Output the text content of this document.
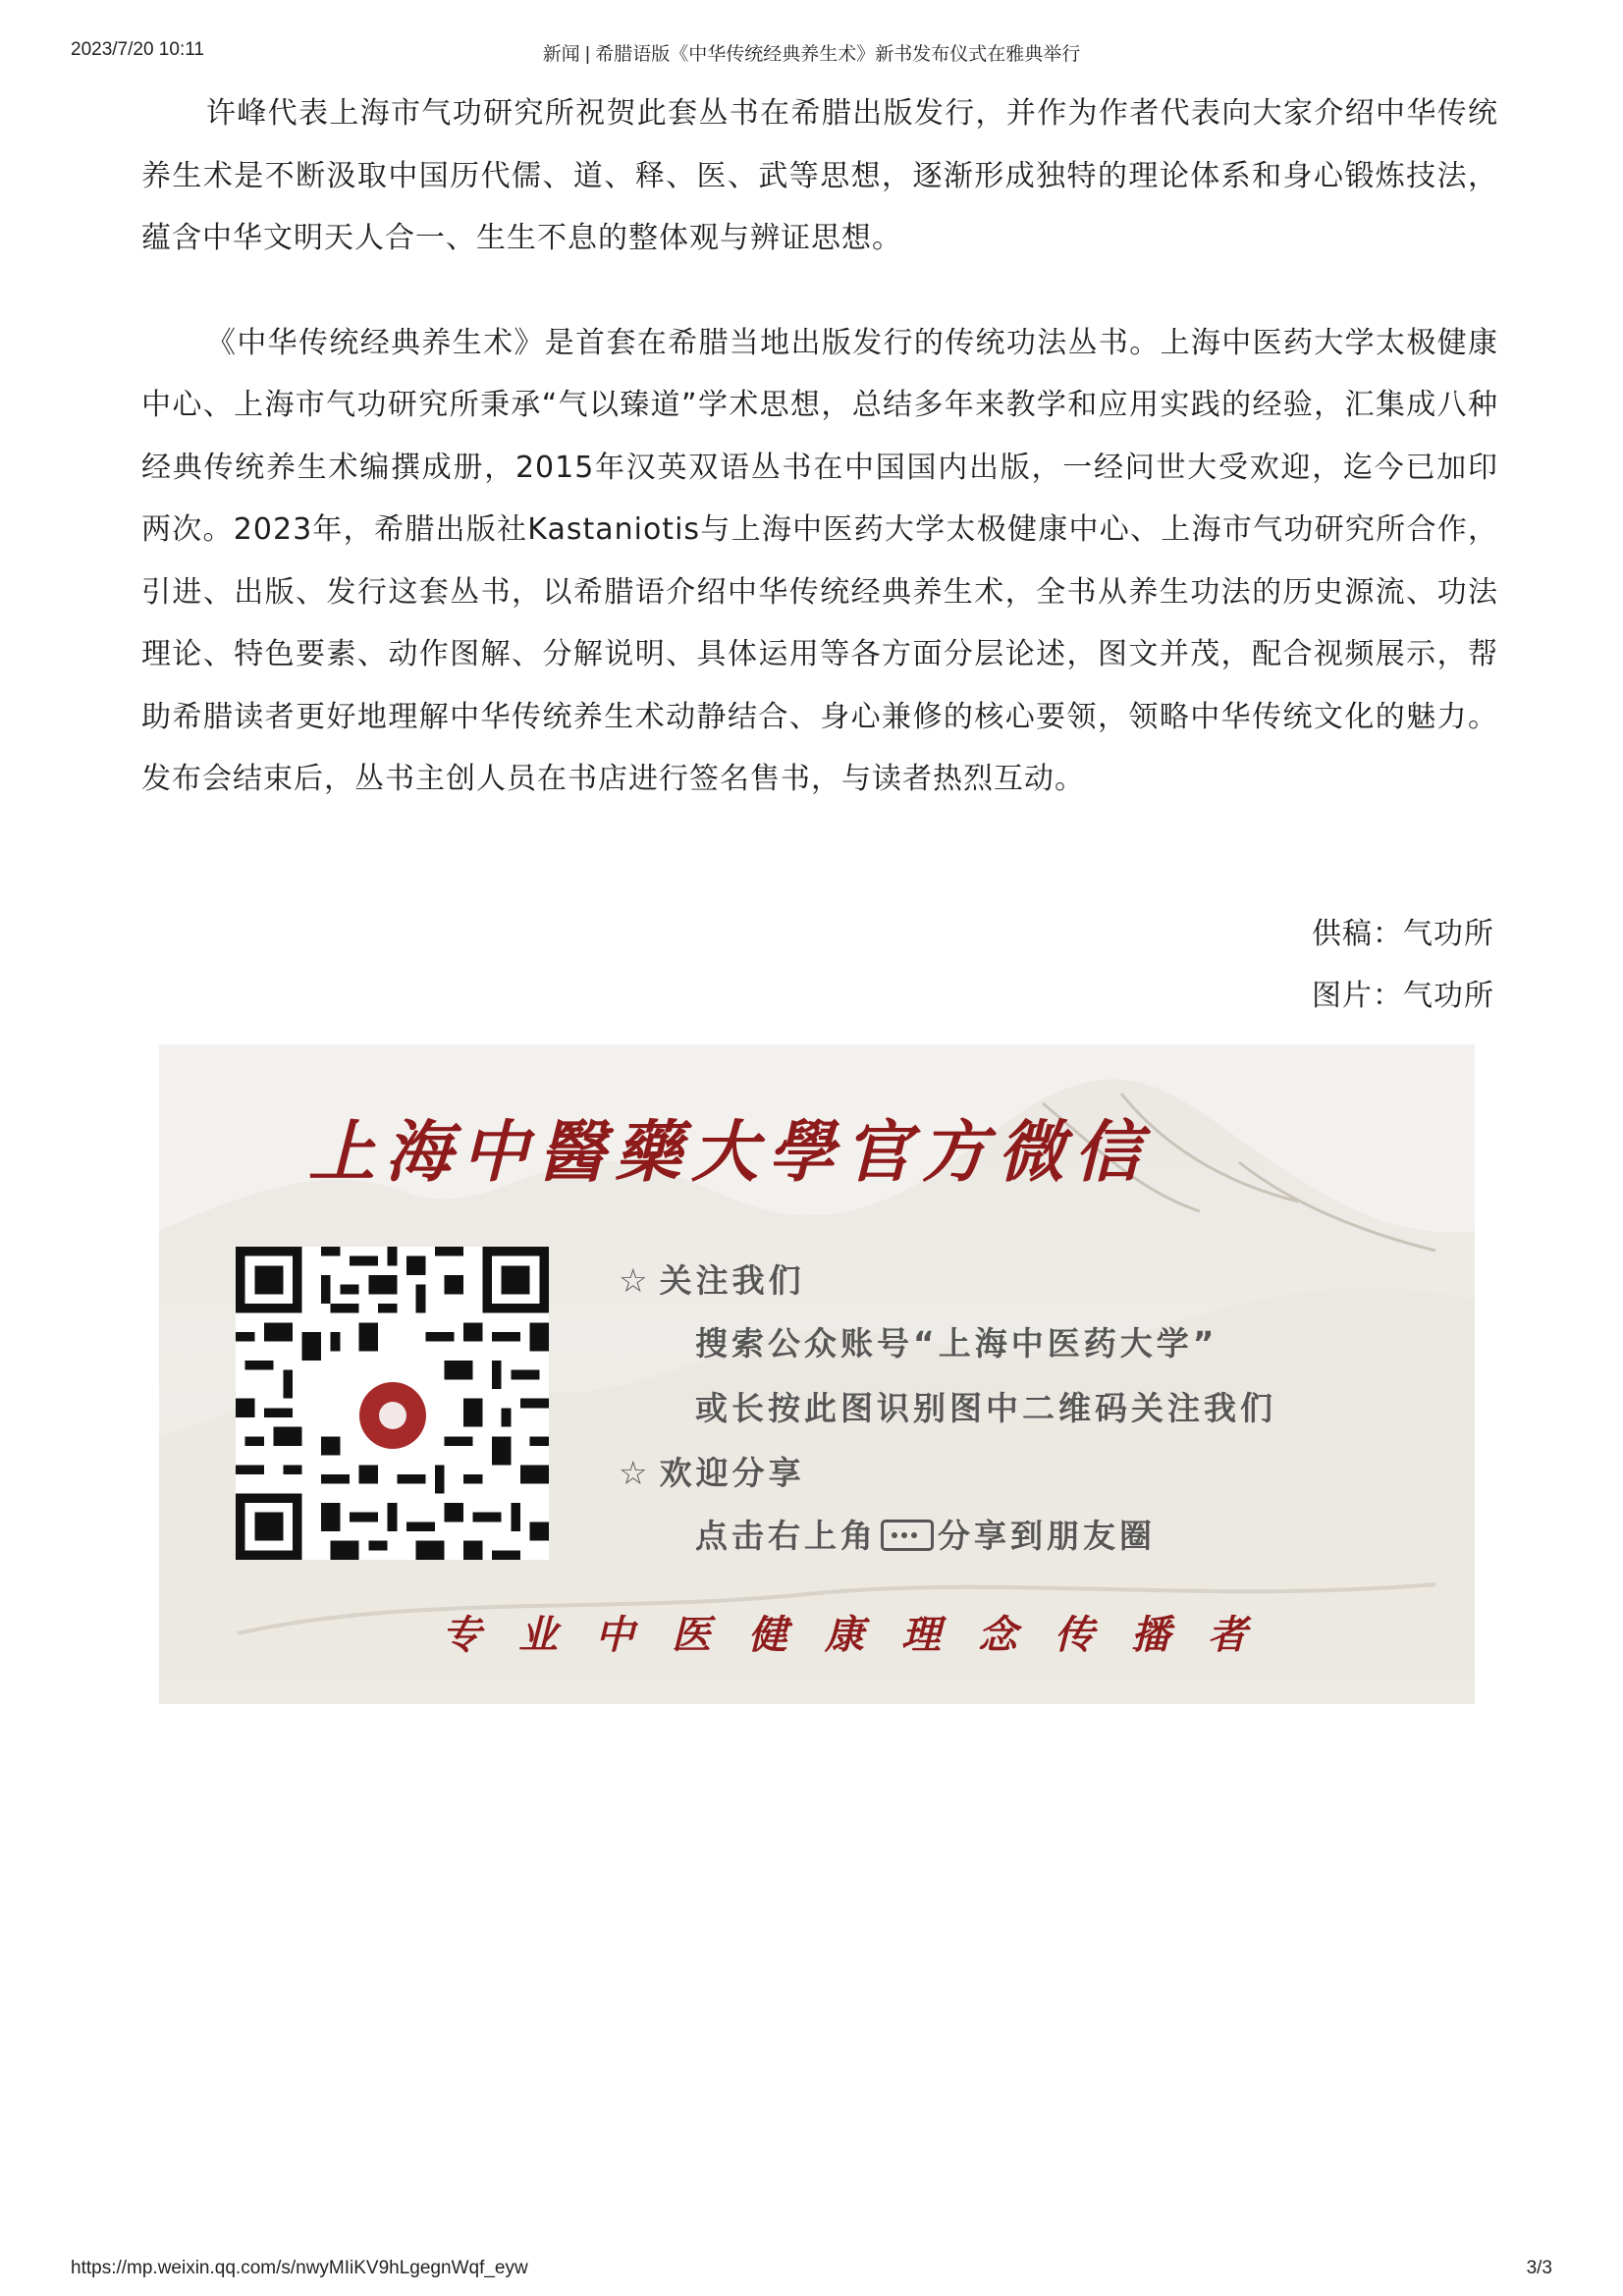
2023/7/20 10:11	新闻 | 希腊语版《中华传统经典养生术》新书发布仪式在雅典举行

许峰代表上海市气功研究所祝贺此套丛书在希腊出版发行，并作为作者代表向大家介绍中华传统养生术是不断汲取中国历代儒、道、释、医、武等思想，逐渐形成独特的理论体系和身心锻炼技法，蕴含中华文明天人合一、生生不息的整体观与辨证思想。

《中华传统经典养生术》是首套在希腊当地出版发行的传统功法丛书。上海中医药大学太极健康中心、上海市气功研究所秉承“气以臻道”学术思想，总结多年来教学和应用实践的经验，汇集成八种经典传统养生术编撰成册，2015年汉英双语丛书在中国国内出版，一经问世大受欢迎，迄今已加印两次。2023年，希腊出版社Kastaniotis与上海中医药大学太极健康中心、上海市气功研究所合作，引进、出版、发行这套丛书，以希腊语介绍中华传统经典养生术，全书从养生功法的历史源流、功法理论、特色要素、动作图解、分解说明、具体运用等各方面分层论述，图文并茂，配合视频展示，帮助希腊读者更好地理解中华传统养生术动静结合、身心兼修的核心要领，领略中华传统文化的魅力。发布会结束后，丛书主创人员在书店进行签名售书，与读者热烈互动。

供稿：气功所
图片：气功所
上海中醫藥大學官方微信
☆ 关注我们
搜索公众账号“上海中医药大学”
或长按此图识别图中二维码关注我们
☆ 欢迎分享
点击右上角 分享到朋友圈
专业中医健康理念传播者
https://mp.weixin.qq.com/s/nwyMIiKV9hLgegnWqf_eyw	3/3
